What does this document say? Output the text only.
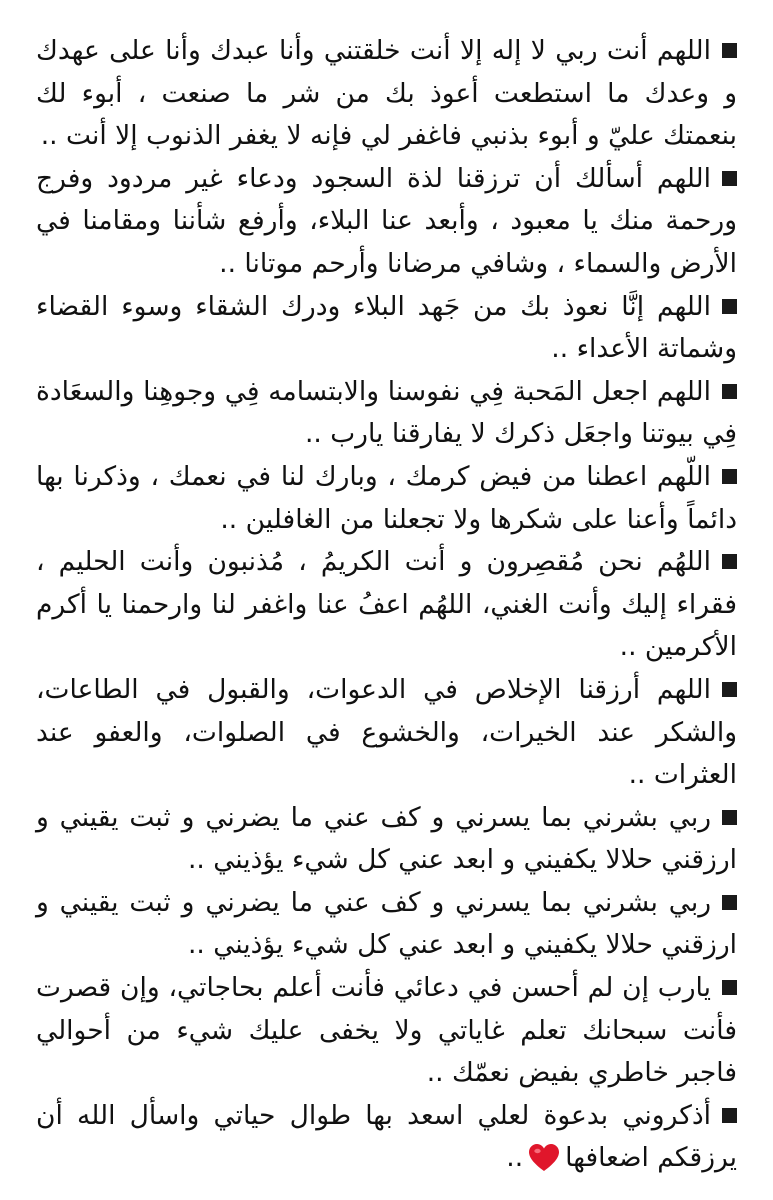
اللهم أنت ربي لا إله إلا أنت خلقتني وأنا عبدك وأنا على عهدك و وعدك ما استطعت أعوذ بك من شر ما صنعت ، أبوء لك بنعمتك عليّ و أبوء بذنبي فاغفر لي فإنه لا يغفر الذنوب إلا أنت ..

اللهم أسألك أن ترزقنا لذة السجود ودعاء غير مردود وفرج ورحمة منك يا معبود ، وأبعد عنا البلاء، وأرفع شأننا ومقامنا في الأرض والسماء ، وشافي مرضانا وأرحم موتانا ..

اللهم إنَّا نعوذ بك من جَهد البلاء ودرك الشقاء وسوء القضاء وشماتة الأعداء ..

اللهم اجعل المَحبة فِي نفوسنا والابتسامه فِي وجوهِنا والسعَادة فِي بيوتنا واجعَل ذكرك لا يفارقنا يارب ..

اللّهم اعطنا من فيض كرمك ، وبارك لنا في نعمك ، وذكرنا بها دائماً وأعنا على شكرها ولا تجعلنا من الغافلين ..

اللهُم نحن مُقصِرون و أنت الكريمُ ، مُذنبون وأنت الحليم ، فقراء إليك وأنت الغني، اللهُم اعفُ عنا واغفر لنا وارحمنا يا أكرم الأكرمين ..

اللهم أرزقنا الإخلاص في الدعوات، والقبول في الطاعات، والشكر عند الخيرات، والخشوع في الصلوات، والعفو عند العثرات ..

ربي بشرني بما يسرني و كف عني ما يضرني و ثبت يقيني و ارزقني حلالا يكفيني و ابعد عني كل شيء يؤذيني ..

ربي بشرني بما يسرني و كف عني ما يضرني و ثبت يقيني و ارزقني حلالا يكفيني و ابعد عني كل شيء يؤذيني ..

يارب إن لم أحسن في دعائي فأنت أعلم بحاجاتي، وإن قصرت فأنت سبحانك تعلم غاياتي ولا يخفى عليك شيء من أحوالي فاجبر خاطري بفيض نعمّك ..

أذكروني بدعوة لعلي اسعد بها طوال حياتي واسأل الله أن يرزقكم اضعافها..
